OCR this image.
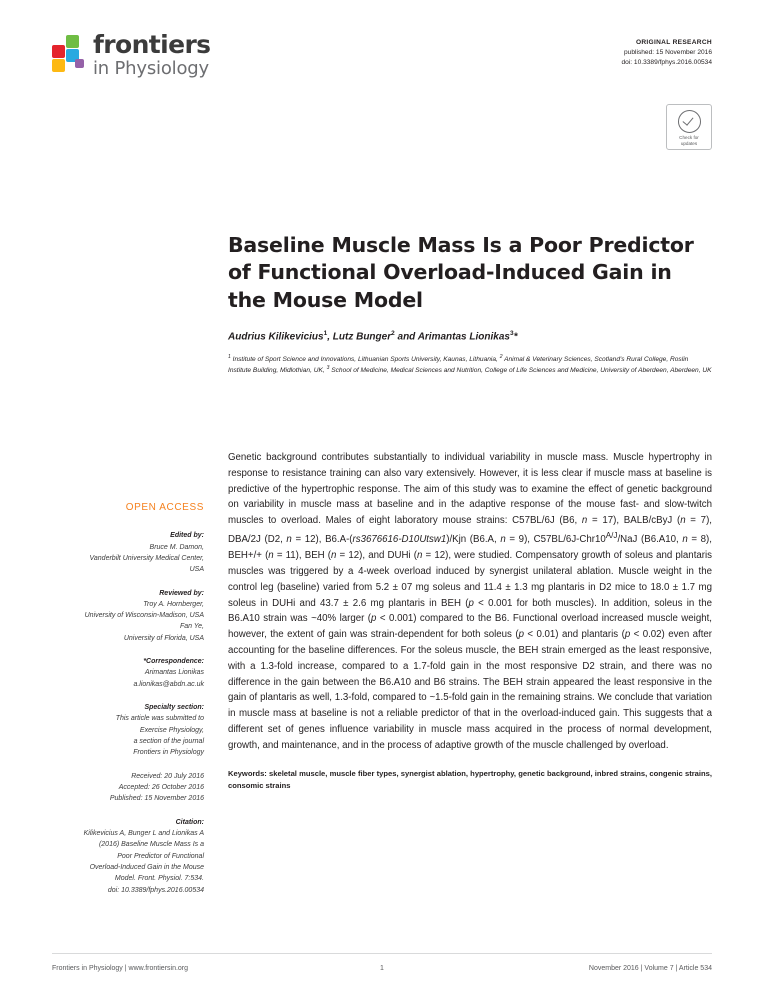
frontiers
in Physiology
ORIGINAL RESEARCH
published: 15 November 2016
doi: 10.3389/fphys.2016.00534
Check for
updates
Baseline Muscle Mass Is a Poor Predictor of Functional Overload-Induced Gain in the Mouse Model
Audrius Kilikevicius$^1$, Lutz Bunger$^2$ and Arimantas Lionikas$^3$*
$^1$ Institute of Sport Science and Innovations, Lithuanian Sports University, Kaunas, Lithuania, $^2$ Animal & Veterinary Sciences, Scotland's Rural College, Roslin Institute Building, Midlothian, UK, $^3$ School of Medicine, Medical Sciences and Nutrition, College of Life Sciences and Medicine, University of Aberdeen, Aberdeen, UK
OPEN ACCESS
Edited by:
Bruce M. Damon,
Vanderbilt University Medical Center,
USA
Reviewed by:
Troy A. Hornberger,
University of Wisconsin-Madison, USA
Fan Ye,
University of Florida, USA
*Correspondence:
Arimantas Lionikas
a.lionikas@abdn.ac.uk
Specialty section:
This article was submitted to
Exercise Physiology,
a section of the journal
Frontiers in Physiology
Received: 20 July 2016
Accepted: 26 October 2016
Published: 15 November 2016
Citation:
Kilikevicius A, Bunger L and Lionikas A
(2016) Baseline Muscle Mass Is a
Poor Predictor of Functional
Overload-Induced Gain in the Mouse
Model. Front. Physiol. 7:534.
doi: 10.3389/fphys.2016.00534

Genetic background contributes substantially to individual variability in muscle mass. Muscle hypertrophy in response to resistance training can also vary extensively. However, it is less clear if muscle mass at baseline is predictive of the hypertrophic response. The aim of this study was to examine the effect of genetic background on variability in muscle mass at baseline and in the adaptive response of the mouse fast- and slow-twitch muscles to overload. Males of eight laboratory mouse strains: C57BL/6J (B6, n = 17), BALB/cByJ (n = 7), DBA/2J (D2, n = 12), B6.A-(rs3676616-D10Utsw1)/Kjn (B6.A, n = 9), $C57BL/6J-Chr10^{A/J}$/NaJ (B6.A10, n = 8), BEH+/+ (n = 11), BEH (n = 12), and DUHi (n = 12), were studied. Compensatory growth of soleus and plantaris muscles was triggered by a 4-week overload induced by synergist unilateral ablation. Muscle weight in the control leg (baseline) varied from 5.2 ± 07 mg soleus and 11.4 ± 1.3 mg plantaris in D2 mice to 18.0 ± 1.7 mg soleus in DUHi and 43.7 ± 2.6 mg plantaris in BEH (p < 0.001 for both muscles). In addition, soleus in the B6.A10 strain was ~40% larger (p < 0.001) compared to the B6. Functional overload increased muscle weight, however, the extent of gain was strain-dependent for both soleus (p < 0.01) and plantaris (p < 0.02) even after accounting for the baseline differences. For the soleus muscle, the BEH strain emerged as the least responsive, with a 1.3-fold increase, compared to a 1.7-fold gain in the most responsive D2 strain, and there was no difference in the gain between the B6.A10 and B6 strains. The BEH strain appeared the least responsive in the gain of plantaris as well, 1.3-fold, compared to ~1.5-fold gain in the remaining strains. We conclude that variation in muscle mass at baseline is not a reliable predictor of that in the overload-induced gain. This suggests that a different set of genes influence variability in muscle mass acquired in the process of normal development, growth, and maintenance, and in the process of adaptive growth of the muscle challenged by overload.

Keywords: skeletal muscle, muscle fiber types, synergist ablation, hypertrophy, genetic background, inbred strains, congenic strains, consomic strains
Frontiers in Physiology | www.frontiersin.org	1	November 2016 | Volume 7 | Article 534
